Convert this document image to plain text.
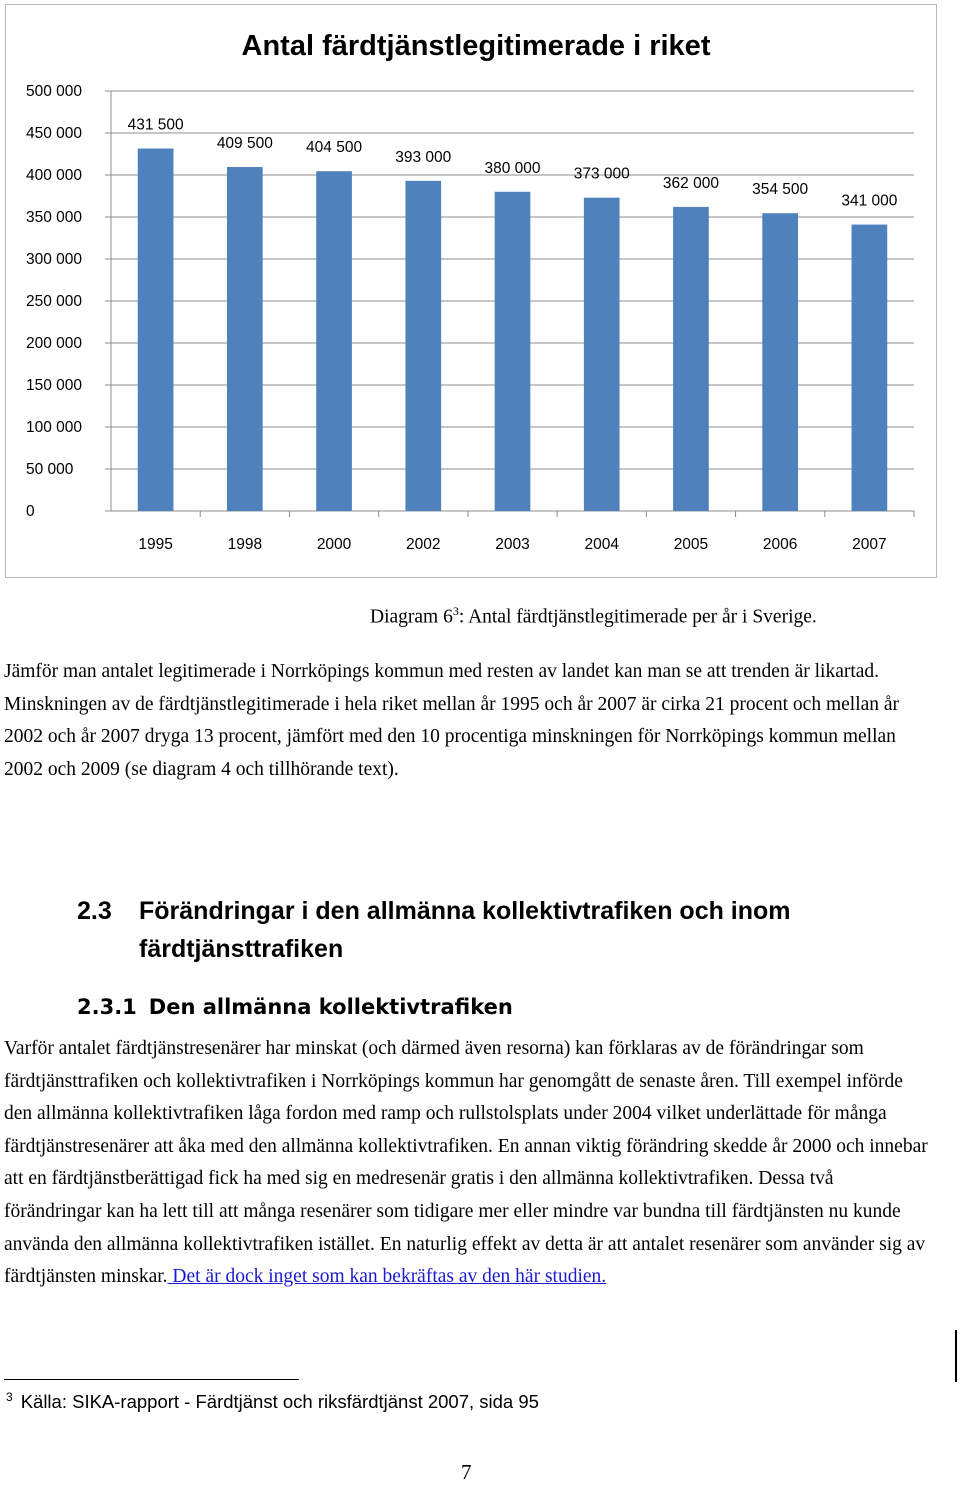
Antal färdtjänstlegitimerade i riket
0
50 000
100 000
150 000
200 000
250 000
300 000
350 000
400 000
450 000
500 000
431 500
409 500 404 500
393 000
380 000 373 000
362 000 354 500
341 000
1995	1998	2000	2002	2003	2004	2005	2006	2007
Diagram $6^3$: Antal färdtjänstlegitimerade per år i Sverige.

Jämför man antalet legitimerade i Norrköpings kommun med resten av landet kan man se att trenden är likartad. Minskningen av de färdtjänstlegitimerade i hela riket mellan år 1995 och år 2007 är cirka 21 procent och mellan år 2002 och år 2007 dryga 13 procent, jämfört med den 10 procentiga minskningen för Norrköpings kommun mellan 2002 och 2009 (se diagram 4 och tillhörande text).

2.3 Förändringar i den allmänna kollektivtrafiken och inom
färdtjänsttrafiken
2.3.1 Den allmänna kollektivtrafiken

Varför antalet färdtjänstresenärer har minskat (och därmed även resorna) kan förklaras av de förändringar som färdtjänsttrafiken och kollektivtrafiken i Norrköpings kommun har genomgått de senaste åren. Till exempel införde den allmänna kollektivtrafiken låga fordon med ramp och rullstolsplats under 2004 vilket underlättade för många färdtjänstresenärer att åka med den allmänna kollektivtrafiken. En annan viktig förändring skedde år 2000 och innebar att en färdtjänstberättigad fick ha med sig en medresenär gratis i den allmänna kollektivtrafiken. Dessa två förändringar kan ha lett till att många resenärer som tidigare mer eller mindre var bundna till färdtjänsten nu kunde använda den allmänna kollektivtrafiken istället. En naturlig effekt av detta är att antalet resenärer som använder sig av färdtjänsten minskar. Det är dock inget som kan bekräftas av den här studien.

$^3$ Källa: SIKA-rapport - Färdtjänst och riksfärdtjänst 2007, sida 95
7
